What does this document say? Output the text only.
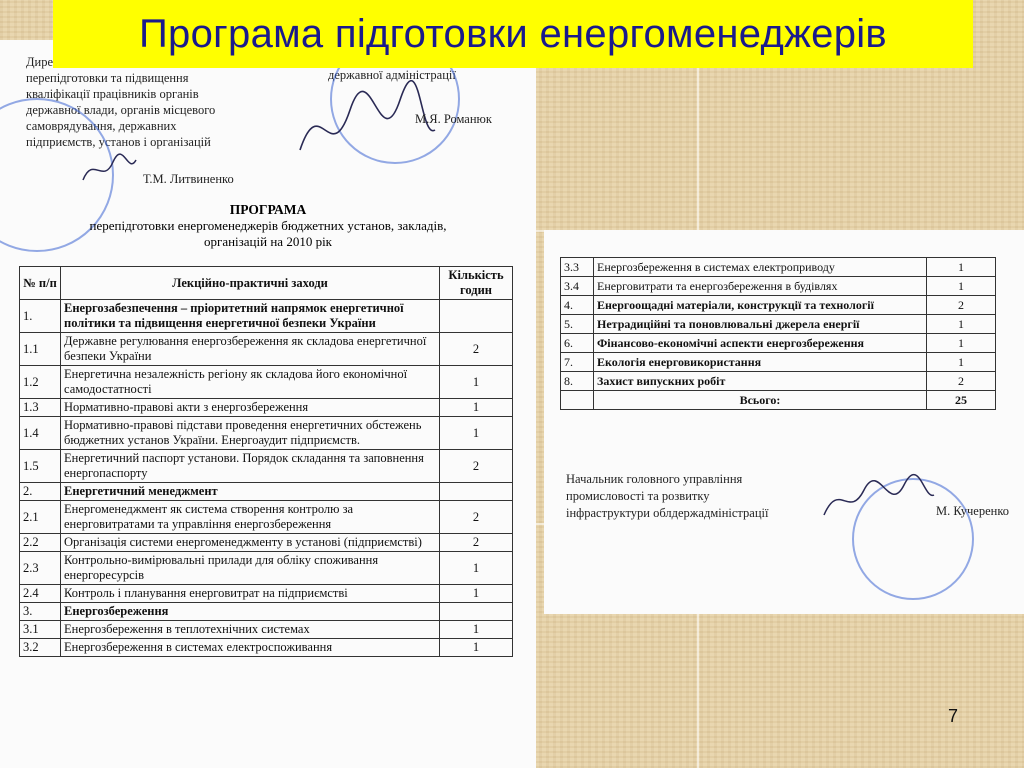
Програма підготовки енергоменеджерів
Дире
перепідготовки та підвищення
кваліфікації працівників органів
державної влади, органів місцевого
самоврядування, державних
підприємств, установ і організацій
державної адміністрації
М.Я. Романюк
Т.М. Литвиненко
ПРОГРАМА
перепідготовки енергоменеджерів бюджетних установ, закладів,
організацій на 2010 рік
№ п/п	Лекційно-практичні заходи	Кількість годин
1.	Енергозабезпечення – пріоритетний напрямок енергетичної політики та підвищення енергетичної безпеки України	
1.1	Державне регулювання енергозбереження як складова енергетичної безпеки України	2
1.2	Енергетична незалежність регіону як складова його економічної самодостатності	1
1.3	Нормативно-правові акти з енергозбереження	1
1.4	Нормативно-правові підстави проведення енергетичних обстежень бюджетних установ України. Енергоаудит підприємств.	1
1.5	Енергетичний паспорт установи. Порядок складання та заповнення енергопаспорту	2
2.	Енергетичний менеджмент	
2.1	Енергоменеджмент як система створення контролю за енерговитратами та управління енергозбереження	2
2.2	Організація системи енергоменеджменту в установі (підприємстві)	2
2.3	Контрольно-вимірювальні прилади для обліку споживання енергоресурсів	1
2.4	Контроль і планування енерговитрат на підприємстві	1
3.	Енергозбереження	
3.1	Енергозбереження в теплотехнічних системах	1
3.2	Енергозбереження в системах електроспоживання	1
3.3	Енергозбереження в системах електроприводу	1
3.4	Енерговитрати та енергозбереження в будівлях	1
4.	Енергоощадні матеріали, конструкції та технології	2
5.	Нетрадиційні та поновлювальні джерела енергії	1
6.	Фінансово-економічні аспекти енергозбереження	1
7.	Екологія енерговикористання	1
8.	Захист випускних робіт	2
	Всього:	25
Начальник головного управління
промисловості та розвитку
інфраструктури облдержадміністрації	М. Кучеренко
7
